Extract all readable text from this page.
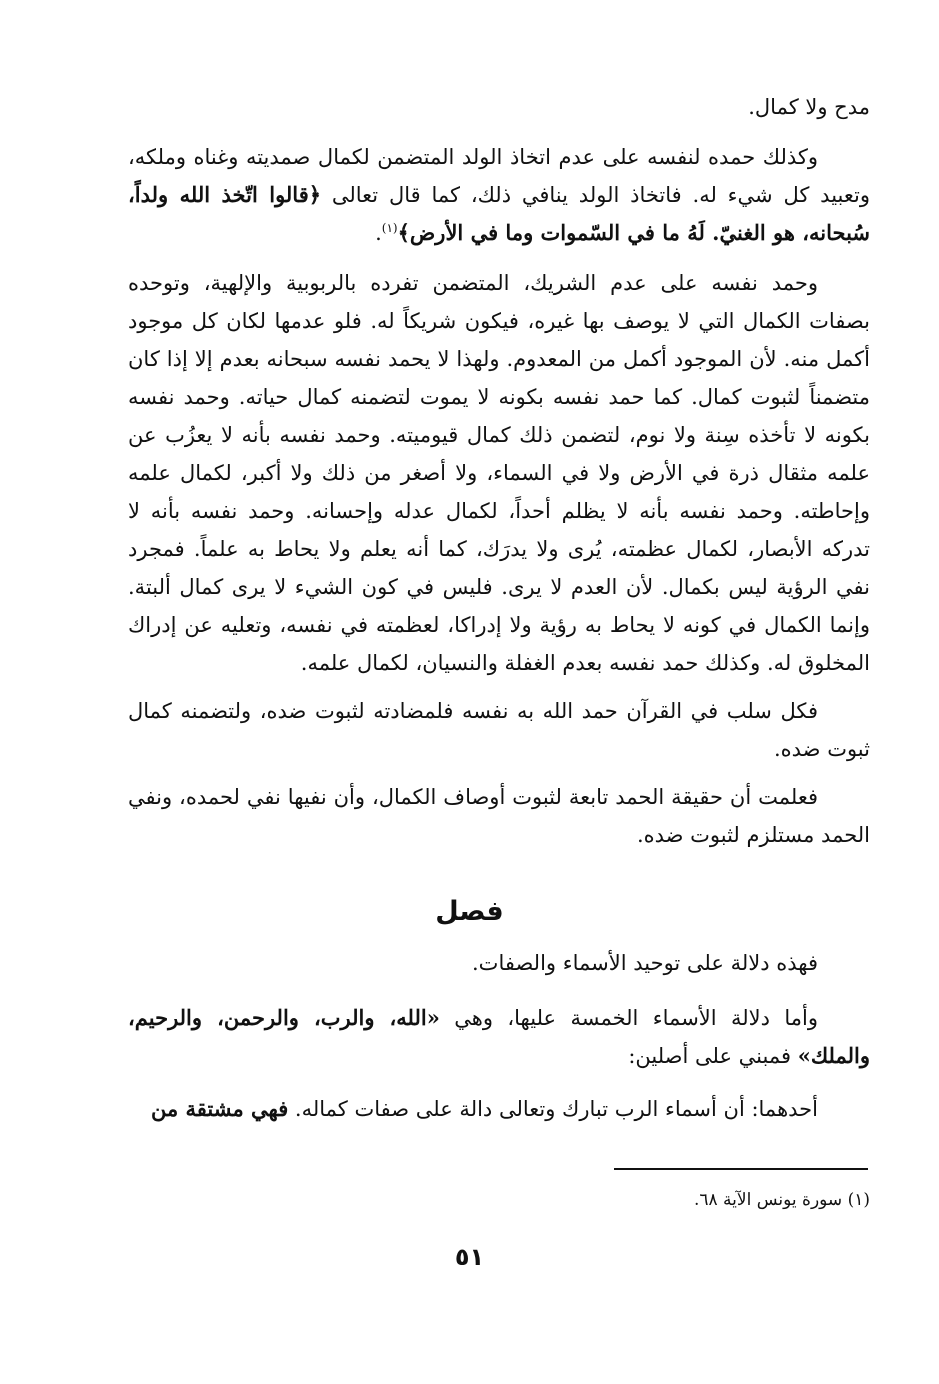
مدح ولا كمال.

وكذلك حمده لنفسه على عدم اتخاذ الولد المتضمن لكمال صمديته وغناه وملكه، وتعبيد كل شيء له. فاتخاذ الولد ينافي ذلك، كما قال تعالى ﴿قالوا اتّخذ الله ولداً، سُبحانه، هو الغنيّ. لَهُ ما في السّموات وما في الأرض﴾$^{(١)}$.

وحمد نفسه على عدم الشريك، المتضمن تفرده بالربوبية والإلهية، وتوحده بصفات الكمال التي لا يوصف بها غيره، فيكون شريكاً له. فلو عدمها لكان كل موجود أكمل منه. لأن الموجود أكمل من المعدوم. ولهذا لا يحمد نفسه سبحانه بعدم إلا إذا كان متضمناً لثبوت كمال. كما حمد نفسه بكونه لا يموت لتضمنه كمال حياته. وحمد نفسه بكونه لا تأخذه سِنة ولا نوم، لتضمن ذلك كمال قيوميته. وحمد نفسه بأنه لا يعزُب عن علمه مثقال ذرة في الأرض ولا في السماء، ولا أصغر من ذلك ولا أكبر، لكمال علمه وإحاطته. وحمد نفسه بأنه لا يظلم أحداً، لكمال عدله وإحسانه. وحمد نفسه بأنه لا تدركه الأبصار، لكمال عظمته، يُرى ولا يدرَك، كما أنه يعلم ولا يحاط به علماً. فمجرد نفي الرؤية ليس بكمال. لأن العدم لا يرى. فليس في كون الشيء لا يرى كمال ألبتة. وإنما الكمال في كونه لا يحاط به رؤية ولا إدراكا، لعظمته في نفسه، وتعليه عن إدراك المخلوق له. وكذلك حمد نفسه بعدم الغفلة والنسيان، لكمال علمه.

فكل سلب في القرآن حمد الله به نفسه فلمضادته لثبوت ضده، ولتضمنه كمال ثبوت ضده.

فعلمت أن حقيقة الحمد تابعة لثبوت أوصاف الكمال، وأن نفيها نفي لحمده، ونفي الحمد مستلزم لثبوت ضده.

فصل

فهذه دلالة على توحيد الأسماء والصفات.

وأما دلالة الأسماء الخمسة عليها، وهي «الله، والرب، والرحمن، والرحيم، والملك» فمبني على أصلين:

أحدهما: أن أسماء الرب تبارك وتعالى دالة على صفات كماله. فهي مشتقة من

(١) سورة يونس الآية ٦٨.
٥١
